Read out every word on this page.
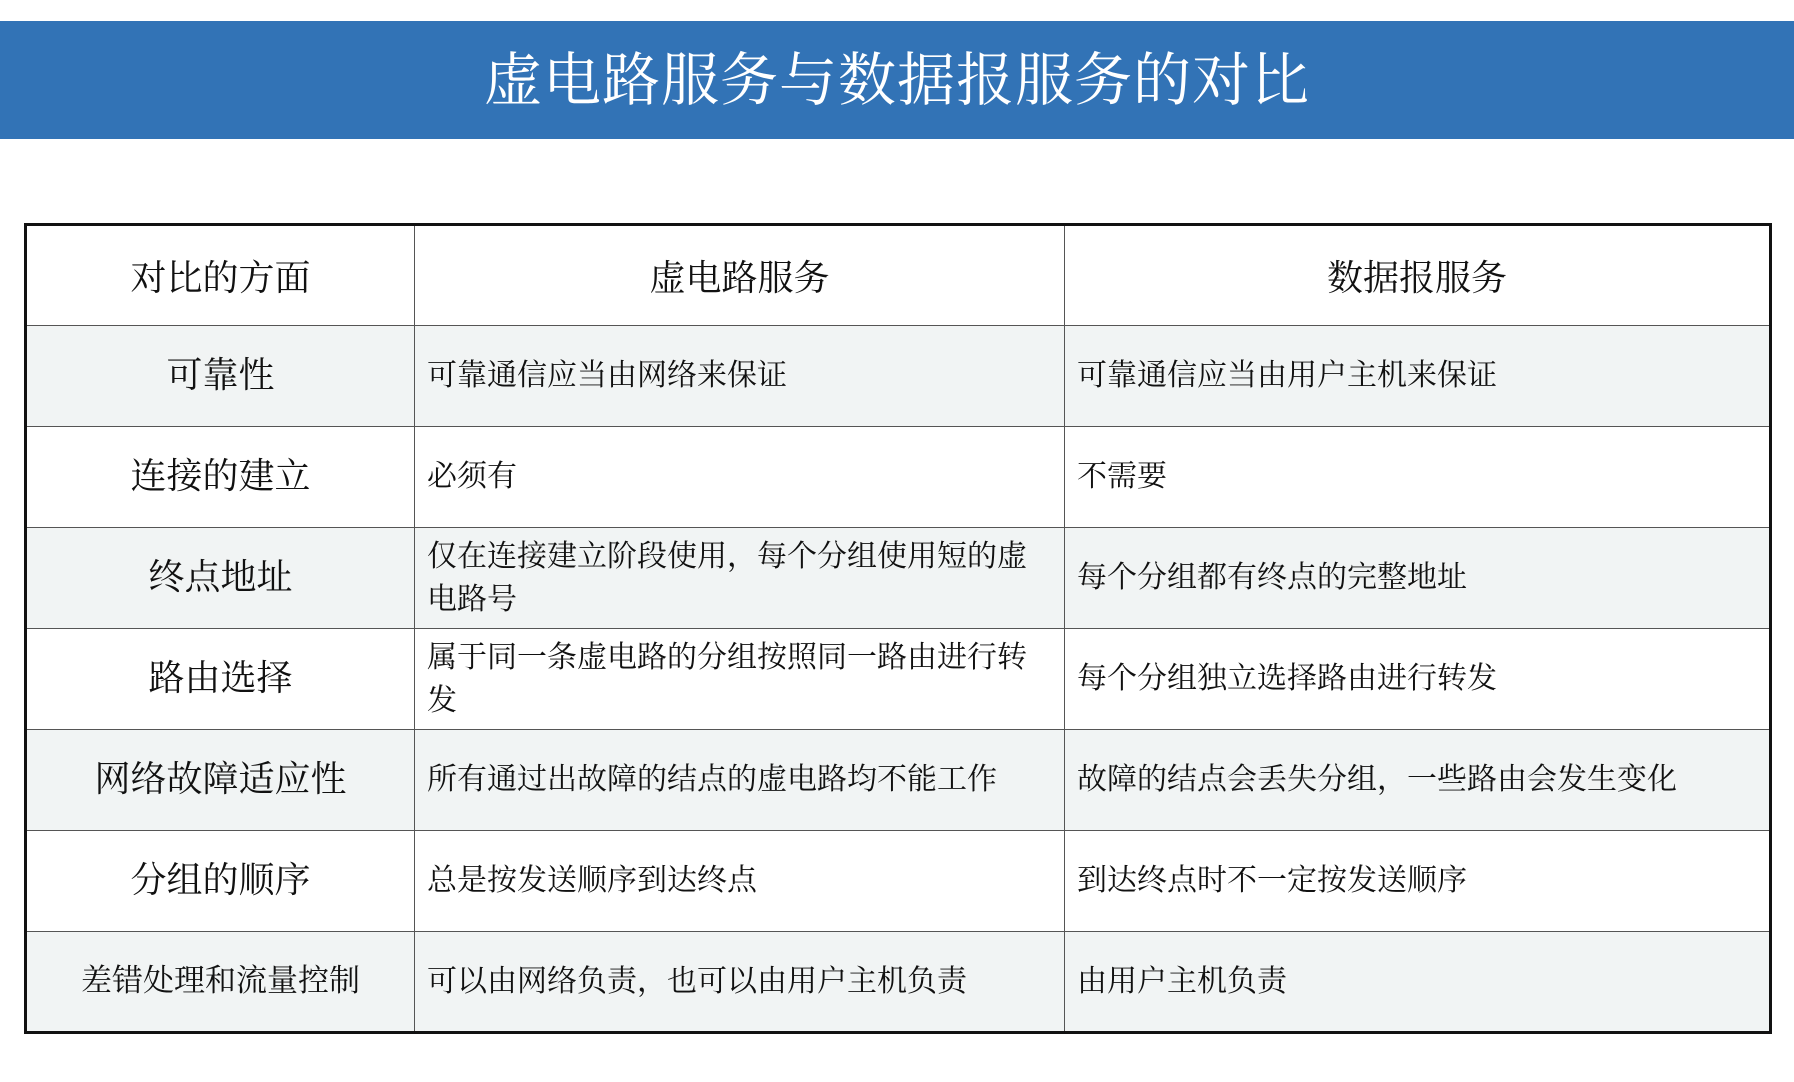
虚电路服务与数据报服务的对比
对比的方面	虚电路服务	数据报服务
可靠性	可靠通信应当由网络来保证	可靠通信应当由用户主机来保证
连接的建立	必须有	不需要
终点地址	仅在连接建立阶段使用，每个分组使用短的虚电路号	每个分组都有终点的完整地址
路由选择	属于同一条虚电路的分组按照同一路由进行转发	每个分组独立选择路由进行转发
网络故障适应性	所有通过出故障的结点的虚电路均不能工作	故障的结点会丢失分组，一些路由会发生变化
分组的顺序	总是按发送顺序到达终点	到达终点时不一定按发送顺序
差错处理和流量控制	可以由网络负责，也可以由用户主机负责	由用户主机负责
